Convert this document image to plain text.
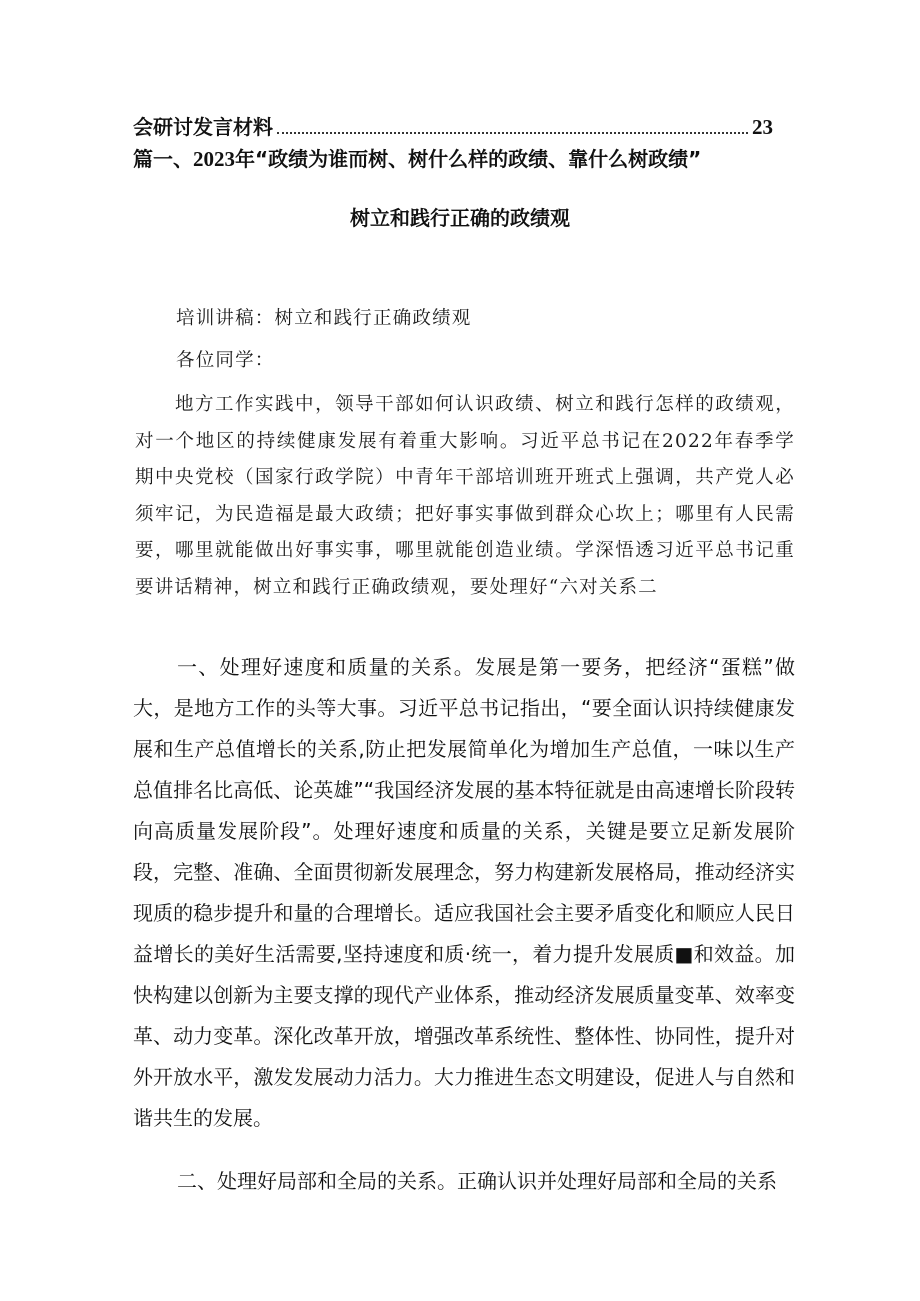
会研讨发言材料	23
篇一、2023年“政绩为谁而树、树什么样的政绩、靠什么树政绩”
树立和践行正确的政绩观
培训讲稿：树立和践行正确政绩观
各位同学：
地方工作实践中，领导干部如何认识政绩、树立和践行怎样的政绩观，对一个地区的持续健康发展有着重大影响。习近平总书记在2022年春季学期中央党校（国家行政学院）中青年干部培训班开班式上强调，共产党人必须牢记，为民造福是最大政绩；把好事实事做到群众心坎上；哪里有人民需要，哪里就能做出好事实事，哪里就能创造业绩。学深悟透习近平总书记重要讲话精神，树立和践行正确政绩观，要处理好“六对关系二
一、处理好速度和质量的关系。发展是第一要务，把经济“蛋糕”做大，是地方工作的头等大事。习近平总书记指出，“要全面认识持续健康发展和生产总值增长的关系,防止把发展简单化为增加生产总值，一味以生产总值排名比高低、论英雄”“我国经济发展的基本特征就是由高速增长阶段转向高质量发展阶段”。处理好速度和质量的关系，关键是要立足新发展阶段，完整、准确、全面贯彻新发展理念，努力构建新发展格局，推动经济实现质的稳步提升和量的合理增长。适应我国社会主要矛盾变化和顺应人民日益增长的美好生活需要,坚持速度和质·统一，着力提升发展质■和效益。加快构建以创新为主要支撑的现代产业体系，推动经济发展质量变革、效率变革、动力变革。深化改革开放，增强改革系统性、整体性、协同性，提升对外开放水平，激发发展动力活力。大力推进生态文明建设，促进人与自然和谐共生的发展。
二、处理好局部和全局的关系。正确认识并处理好局部和全局的关系
